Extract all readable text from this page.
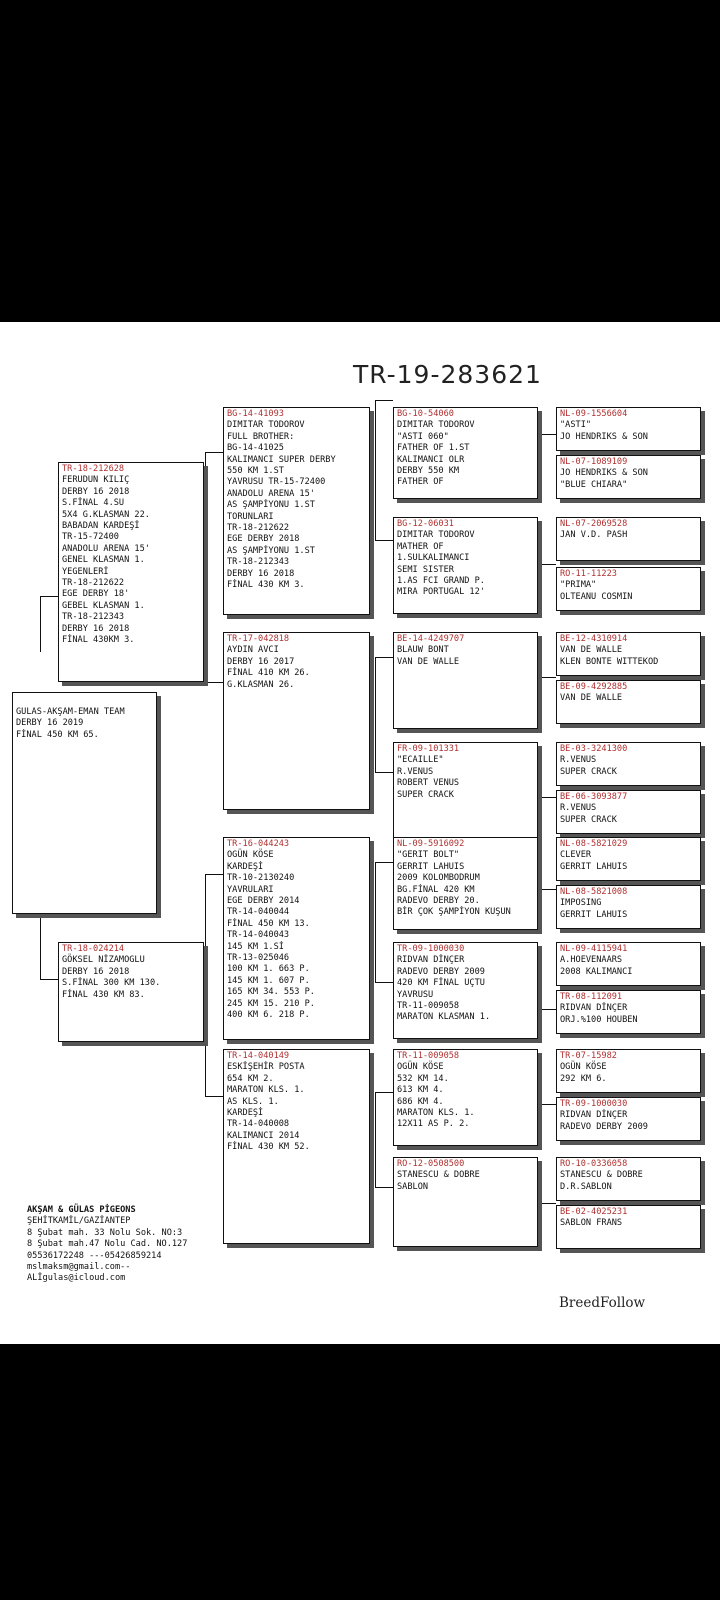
TR-19-283621
GULAS-AKŞAM-EMAN TEAM
DERBY 16 2019
FİNAL 450 KM 65.
TR-18-212628
FERUDUN KILIÇ
DERBY 16 2018
S.FİNAL 4.SU
5X4 G.KLASMAN 22.
BABADAN KARDEŞİ
TR-15-72400
ANADOLU ARENA 15'
GENEL KLASMAN 1.
YEGENLERİ
TR-18-212622
EGE DERBY 18'
GEBEL KLASMAN 1.
TR-18-212343
DERBY 16 2018
FİNAL 430KM 3.
TR-18-024214
GÖKSEL NİZAMOGLU
DERBY 16 2018
S.FİNAL 300 KM 130.
FİNAL 430 KM 83.
BG-14-41093
DIMITAR TODOROV
FULL BROTHER:
BG-14-41025
KALIMANCI SUPER DERBY
550 KM 1.ST
YAVRUSU TR-15-72400
ANADOLU ARENA 15'
AS ŞAMPİYONU 1.ST
TORUNLARI
TR-18-212622
EGE DERBY 2018
AS ŞAMPİYONU 1.ST
TR-18-212343
DERBY 16 2018
FİNAL 430 KM 3.
TR-17-042818
AYDIN AVCI
DERBY 16 2017
FİNAL 410 KM 26.
G.KLASMAN 26.
TR-16-044243
OGÜN KÖSE
KARDEŞİ
TR-10-2130240
YAVRULARI
EGE DERBY 2014
TR-14-040044
FİNAL 450 KM 13.
TR-14-040043
145 KM 1.Sİ
TR-13-025046
100 KM 1. 663 P.
145 KM 1. 607 P.
165 KM 34. 553 P.
245 KM 15. 210 P.
400 KM 6. 218 P.
TR-14-040149
ESKİŞEHİR POSTA
654 KM 2.
MARATON KLS. 1.
AS KLS. 1.
KARDEŞİ
TR-14-040008
KALIMANCI 2014
FİNAL 430 KM 52.
BG-10-54060
DIMITAR TODOROV
"ASTI 060"
FATHER OF 1.ST
KALIMANCI OLR
DERBY 550 KM
FATHER OF
BG-12-06031
DIMITAR TODOROV
MATHER OF
1.SULKALIMANCI
SEMI SISTER
1.AS FCI GRAND P.
MIRA PORTUGAL 12'
BE-14-4249707
BLAUW BONT
VAN DE WALLE
FR-09-101331
"ECAILLE"
R.VENUS
ROBERT VENUS
SUPER CRACK
NL-09-5916092
"GERIT BOLT"
GERRIT LAHUIS
2009 KOLOMBODRUM
BG.FİNAL 420 KM
RADEVO DERBY 20.
BİR ÇOK ŞAMPİYON KUŞUN
TR-09-1000030
RIDVAN DİNÇER
RADEVO DERBY 2009
420 KM FİNAL UÇTU
YAVRUSU
TR-11-009058
MARATON KLASMAN 1.
TR-11-009058
OGÜN KÖSE
532 KM 14.
613 KM 4.
686 KM 4.
MARATON KLS. 1.
12X11 AS P. 2.
RO-12-0508500
STANESCU & DOBRE
SABLON
NL-09-1556604
"ASTI"
JO HENDRIKS & SON
NL-07-1089109
JO HENDRIKS & SON
"BLUE CHIARA"
NL-07-2069528
JAN V.D. PASH
RO-11-11223
"PRIMA"
OLTEANU COSMIN
BE-12-4310914
VAN DE WALLE
KLEN BONTE WITTEKOD
BE-09-4292885
VAN DE WALLE
BE-03-3241300
R.VENUS
SUPER CRACK
BE-06-3093877
R.VENUS
SUPER CRACK
NL-08-5821029
CLEVER
GERRIT LAHUIS
NL-08-5821008
IMPOSING
GERRIT LAHUIS
NL-09-4115941
A.HOEVENAARS
2008 KALIMANCI
TR-08-112091
RIDVAN DİNÇER
ORJ.%100 HOUBEN
TR-07-15982
OGÜN KÖSE
292 KM 6.
TR-09-1000030
RIDVAN DİNÇER
RADEVO DERBY 2009
RO-10-0336058
STANESCU & DOBRE
D.R.SABLON
BE-02-4025231
SABLON FRANS
AKŞAM & GÜLAS PİGEONS
ŞEHİTKAMİL/GAZİANTEP
8 Şubat mah. 33 Nolu Sok. NO:3
8 Şubat mah.47 Nolu Cad. NO.127
05536172248 ---05426859214
mslmaksm@gmail.com--
ALİgulas@icloud.com
BreedFollow
